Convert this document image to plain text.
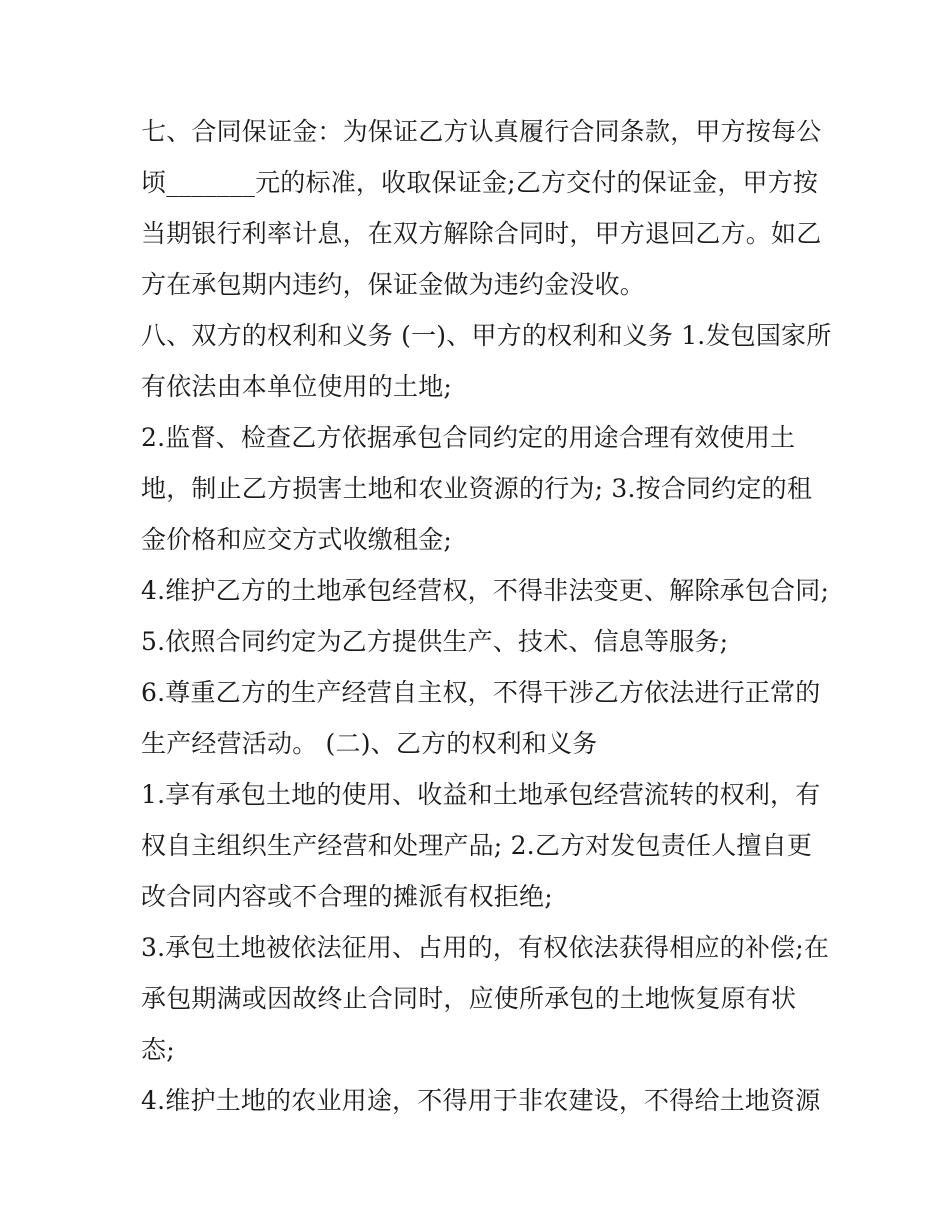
七、合同保证金：为保证乙方认真履行合同条款，甲方按每公
顷_______元的标准，收取保证金;乙方交付的保证金，甲方按
当期银行利率计息，在双方解除合同时，甲方退回乙方。如乙
方在承包期内违约，保证金做为违约金没收。
八、双方的权利和义务 (一)、甲方的权利和义务 1.发包国家所
有依法由本单位使用的土地;
2.监督、检查乙方依据承包合同约定的用途合理有效使用土
地，制止乙方损害土地和农业资源的行为; 3.按合同约定的租
金价格和应交方式收缴租金;
4.维护乙方的土地承包经营权，不得非法变更、解除承包合同;
5.依照合同约定为乙方提供生产、技术、信息等服务;
6.尊重乙方的生产经营自主权，不得干涉乙方依法进行正常的
生产经营活动。 (二)、乙方的权利和义务
1.享有承包土地的使用、收益和土地承包经营流转的权利，有
权自主组织生产经营和处理产品; 2.乙方对发包责任人擅自更
改合同内容或不合理的摊派有权拒绝;
3.承包土地被依法征用、占用的，有权依法获得相应的补偿;在
承包期满或因故终止合同时，应使所承包的土地恢复原有状
态;
4.维护土地的农业用途，不得用于非农建设，不得给土地资源
